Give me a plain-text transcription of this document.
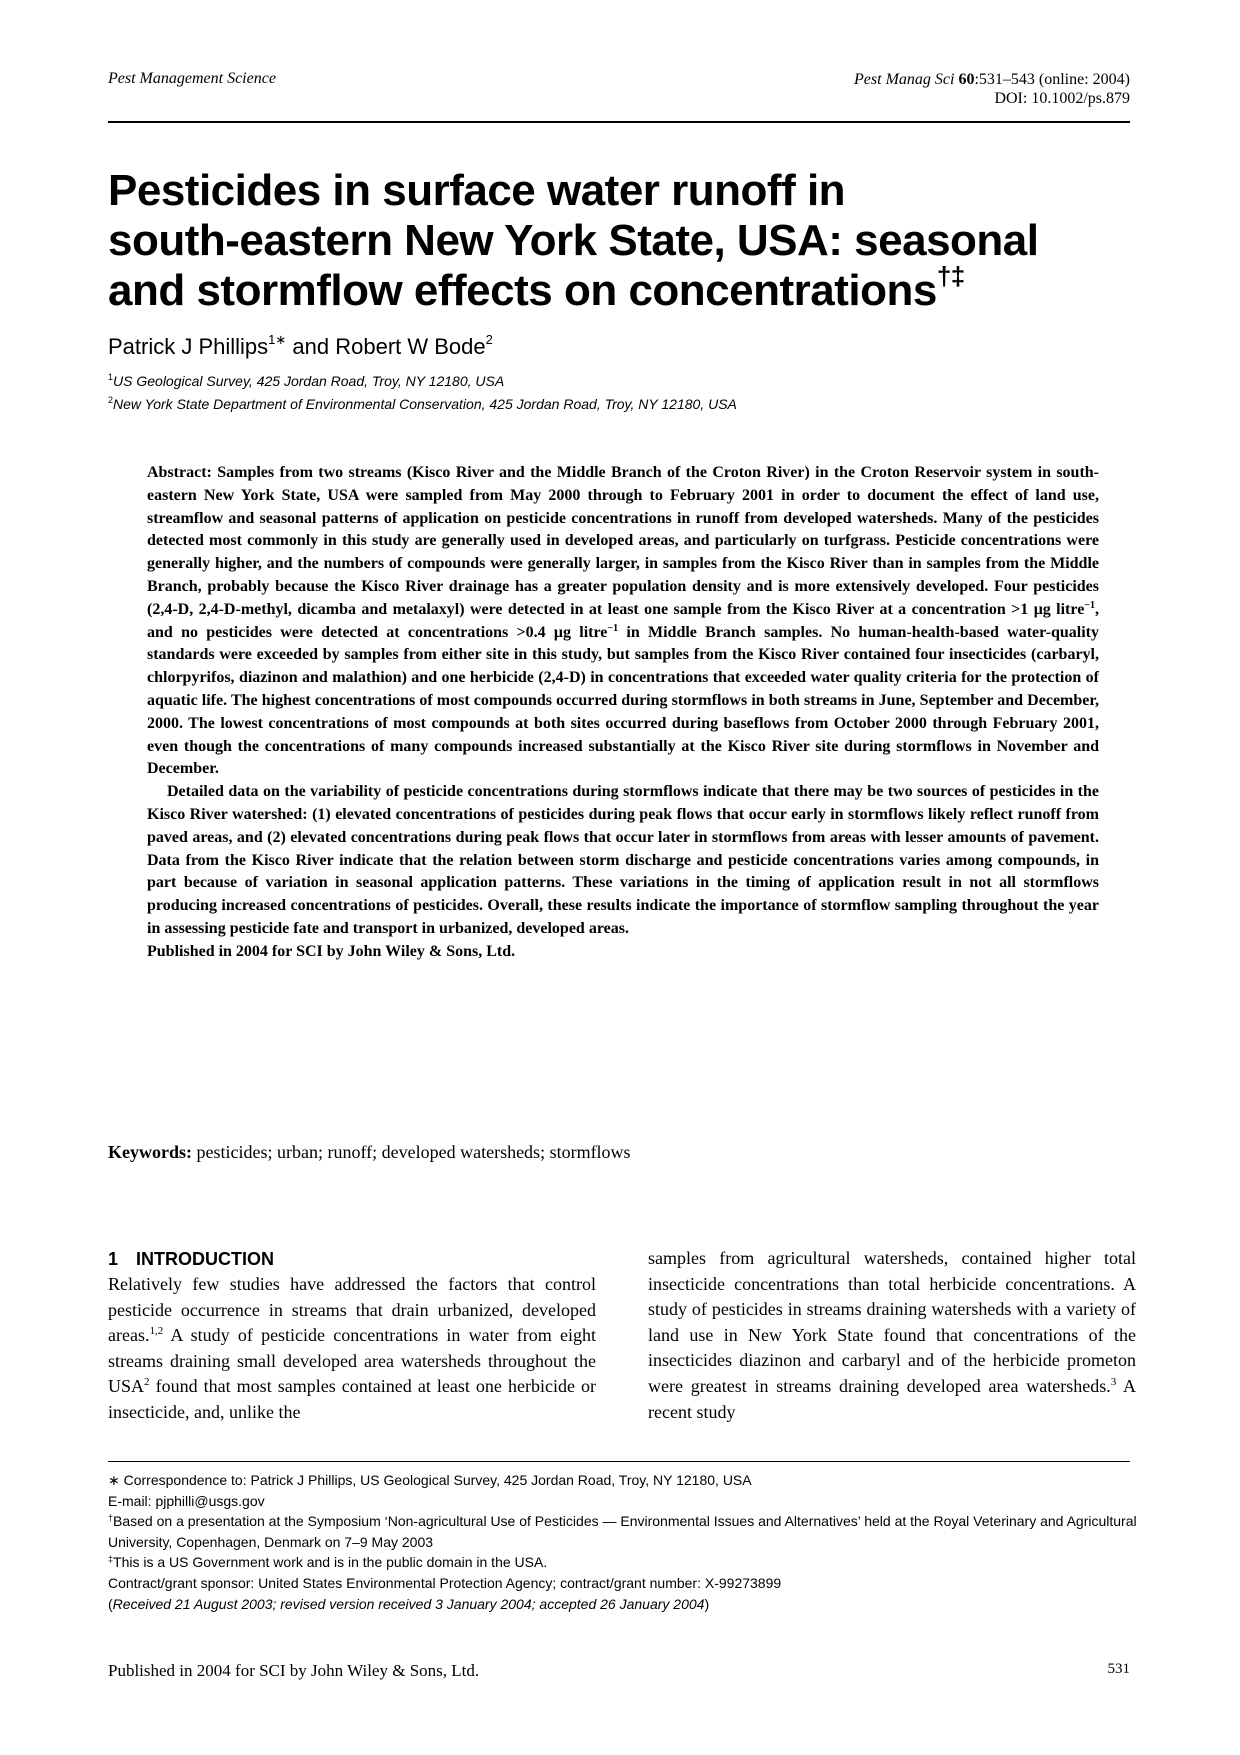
Pest Management Science	Pest Manag Sci 60:531–543 (online: 2004)
DOI: 10.1002/ps.879
Pesticides in surface water runoff in
south-eastern New York State, USA: seasonal
and stormflow effects on concentrations†‡
Patrick J Phillips$^{1∗}$ and Robert W Bode$^2$
$^1$US Geological Survey, 425 Jordan Road, Troy, NY 12180, USA
$^2$New York State Department of Environmental Conservation, 425 Jordan Road, Troy, NY 12180, USA

Abstract: Samples from two streams (Kisco River and the Middle Branch of the Croton River) in the Croton Reservoir system in south-eastern New York State, USA were sampled from May 2000 through to February 2001 in order to document the effect of land use, streamflow and seasonal patterns of application on pesticide concentrations in runoff from developed watersheds. Many of the pesticides detected most commonly in this study are generally used in developed areas, and particularly on turfgrass. Pesticide concentrations were generally higher, and the numbers of compounds were generally larger, in samples from the Kisco River than in samples from the Middle Branch, probably because the Kisco River drainage has a greater population density and is more extensively developed. Four pesticides (2,4-D, 2,4-D-methyl, dicamba and metalaxyl) were detected in at least one sample from the Kisco River at a concentration >1 μg litre$^{-1}$, and no pesticides were detected at concentrations >0.4 μg litre$^{-1}$ in Middle Branch samples. No human-health-based water-quality standards were exceeded by samples from either site in this study, but samples from the Kisco River contained four insecticides (carbaryl, chlorpyrifos, diazinon and malathion) and one herbicide (2,4-D) in concentrations that exceeded water quality criteria for the protection of aquatic life. The highest concentrations of most compounds occurred during stormflows in both streams in June, September and December, 2000. The lowest concentrations of most compounds at both sites occurred during baseflows from October 2000 through February 2001, even though the concentrations of many compounds increased substantially at the Kisco River site during stormflows in November and December.

Detailed data on the variability of pesticide concentrations during stormflows indicate that there may be two sources of pesticides in the Kisco River watershed: (1) elevated concentrations of pesticides during peak flows that occur early in stormflows likely reflect runoff from paved areas, and (2) elevated concentrations during peak flows that occur later in stormflows from areas with lesser amounts of pavement. Data from the Kisco River indicate that the relation between storm discharge and pesticide concentrations varies among compounds, in part because of variation in seasonal application patterns. These variations in the timing of application result in not all stormflows producing increased concentrations of pesticides. Overall, these results indicate the importance of stormflow sampling throughout the year in assessing pesticide fate and transport in urbanized, developed areas.

Published in 2004 for SCI by John Wiley & Sons, Ltd.

Keywords: pesticides; urban; runoff; developed watersheds; stormflows
1 INTRODUCTION

Relatively few studies have addressed the factors that control pesticide occurrence in streams that drain urbanized, developed areas.$^{1,2}$ A study of pesticide concentrations in water from eight streams draining small developed area watersheds throughout the USA$^2$ found that most samples contained at least one herbicide or insecticide, and, unlike the

samples from agricultural watersheds, contained higher total insecticide concentrations than total herbicide concentrations. A study of pesticides in streams draining watersheds with a variety of land use in New York State found that concentrations of the insecticides diazinon and carbaryl and of the herbicide prometon were greatest in streams draining developed area watersheds.$^3$ A recent study

∗ Correspondence to: Patrick J Phillips, US Geological Survey, 425 Jordan Road, Troy, NY 12180, USA
E-mail: pjphilli@usgs.gov
†Based on a presentation at the Symposium ‘Non-agricultural Use of Pesticides — Environmental Issues and Alternatives’ held at the Royal Veterinary and Agricultural University, Copenhagen, Denmark on 7–9 May 2003
‡This is a US Government work and is in the public domain in the USA.
Contract/grant sponsor: United States Environmental Protection Agency; contract/grant number: X-99273899
(Received 21 August 2003; revised version received 3 January 2004; accepted 26 January 2004)
Published in 2004 for SCI by John Wiley & Sons, Ltd.	531
